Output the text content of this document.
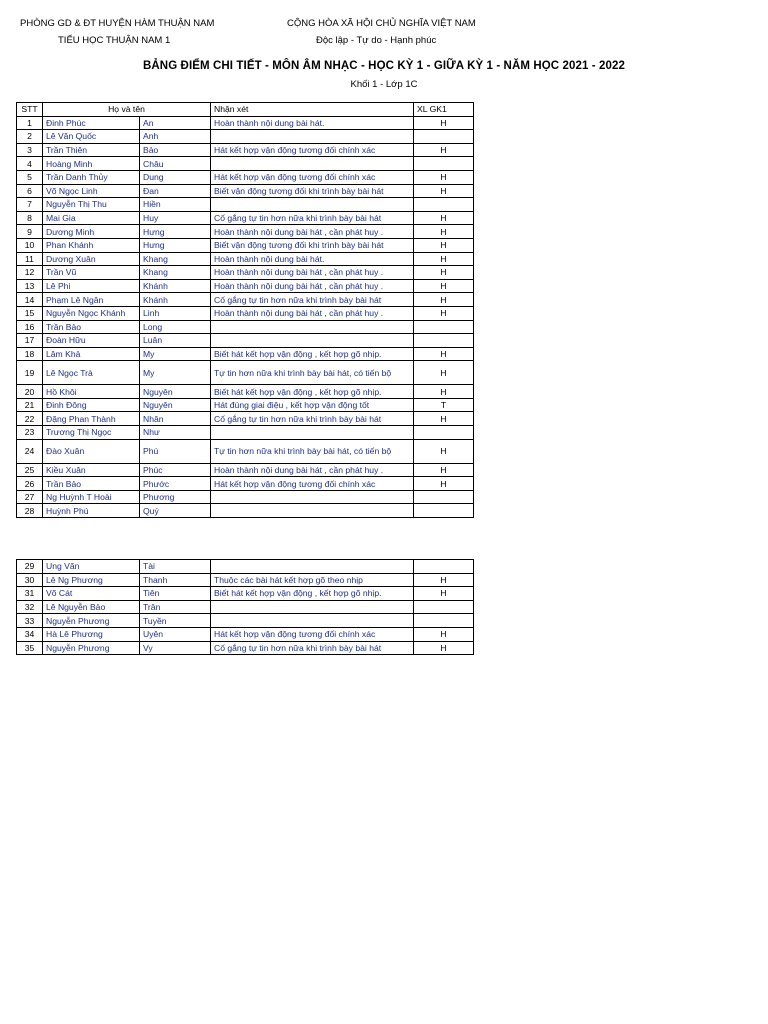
PHÒNG GD & ĐT HUYỆN HÀM THUẬN NAM
TIỂU HỌC THUẬN NAM 1
CỘNG HÒA XÃ HỘI CHỦ NGHĨA VIỆT NAM
Độc lập - Tự do - Hạnh phúc
BẢNG ĐIỂM CHI TIẾT - MÔN ÂM NHẠC - HỌC KỲ 1 - GIỮA KỲ 1 - NĂM HỌC 2021 - 2022
Khối 1 - Lớp 1C
STT	Họ và tên		Nhận xét	XL GK1
1	Đinh Phúc	An	Hoàn thành nội dung bài hát.	H
2	Lê Văn Quốc	Anh		
3	Trần Thiên	Bảo	Hát kết hợp vận động tương đối chính xác	H
4	Hoàng Minh	Châu		
5	Trần Danh Thủy	Dung	Hát kết hợp vận động tương đối chính xác	H
6	Võ Ngọc Linh	Đan	Biết vận động tương đối khi trình bày bài hát	H
7	Nguyễn Thị Thu	Hiền		
8	Mai Gia	Huy	Cố gắng tự tin hơn nữa khi trình bày bài hát	H
9	Dương Minh	Hưng	Hoàn thành nội dung bài hát , cần phát huy .	H
10	Phan Khánh	Hưng	Biết vận động tương đối khi trình bày bài hát	H
11	Dương Xuân	Khang	Hoàn thành nội dung bài hát.	H
12	Trần Vũ	Khang	Hoàn thành nội dung bài hát , cần phát huy .	H
13	Lê Phi	Khánh	Hoàn thành nội dung bài hát , cần phát huy .	H
14	Phạm Lê Ngân	Khánh	Cố gắng tự tin hơn nữa khi trình bày bài hát	H
15	Nguyễn Ngọc Khánh	Linh	Hoàn thành nội dung bài hát , cần phát huy .	H
16	Trần Bảo	Long		
17	Đoàn Hữu	Luân		
18	Lâm Khả	My	Biết hát kết hợp vận động , kết hợp gõ nhịp.	H
19	Lê Ngọc Trà	My	Tự tin hơn nữa khi trình bày bài hát, có tiến bộ	H
20	Hồ Khôi	Nguyên	Biết hát kết hợp vận động , kết hợp gõ nhịp.	H
21	Đinh Đông	Nguyên	Hát đúng giai điệu , kết hợp vận động tốt	T
22	Đặng Phan Thành	Nhân	Cố gắng tự tin hơn nữa khi trình bày bài hát	H
23	Trương Thị Ngọc	Như		
24	Đào Xuân	Phú	Tự tin hơn nữa khi trình bày bài hát, có tiến bộ	H
25	Kiều Xuân	Phúc	Hoàn thành nội dung bài hát , cần phát huy .	H
26	Trần Bảo	Phước	Hát kết hợp vận động tương đối chính xác	H
27	Ng Huỳnh T Hoài	Phương		
28	Huỳnh Phú	Quý		
29	Ung Văn	Tài		
30	Lê Ng Phương	Thanh	Thuộc các bài hát kết hợp gõ theo nhịp	H
31	Võ Cát	Tiên	Biết hát kết hợp vận động , kết hợp gõ nhịp.	H
32	Lê Nguyễn Bảo	Trân		
33	Nguyễn Phương	Tuyền		
34	Hà Lê Phương	Uyên	Hát kết hợp vận động tương đối chính xác	H
35	Nguyễn Phương	Vy	Cố gắng tự tin hơn nữa khi trình bày bài hát	H
